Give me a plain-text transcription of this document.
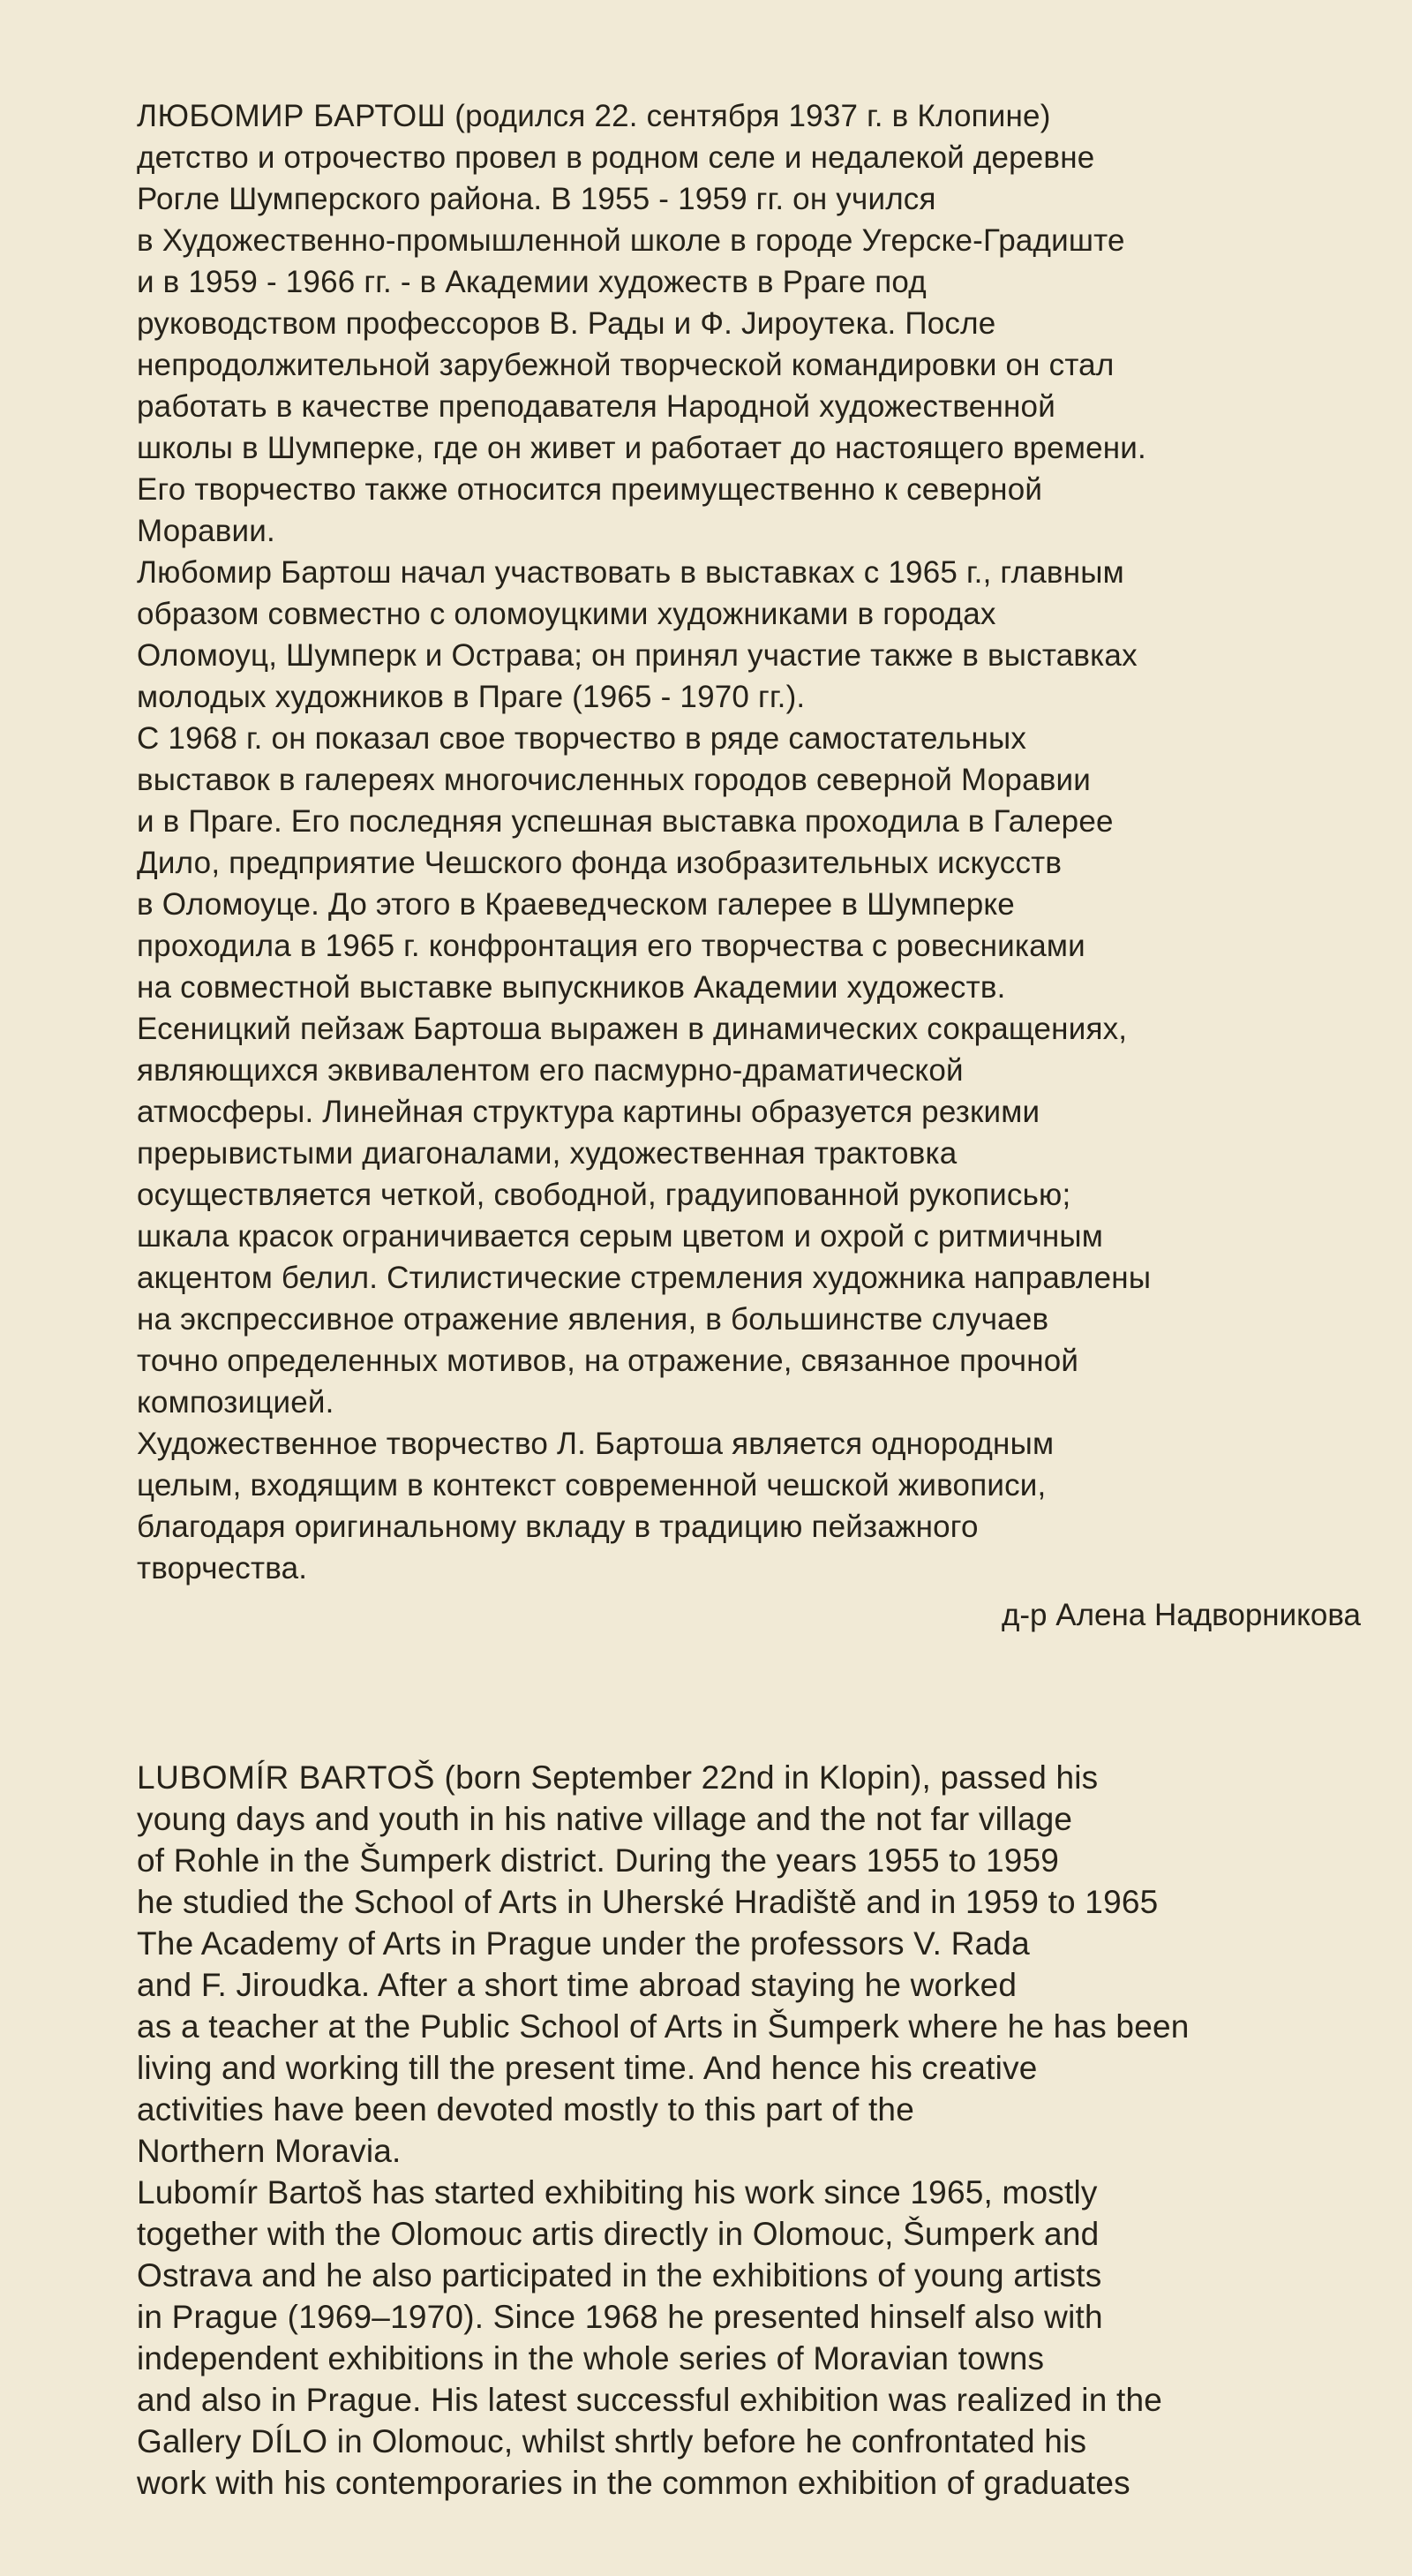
ЛЮБОМИР БАРТОШ (родился 22. сентября 1937 г. в Клопине)
детство и отрочество провел в родном селе и недалекой деревне
Рогле Шумперского района. В 1955 - 1959 гг. он учился
в Художественно-промышленной школе в городе Угерске-Градиште
и в 1959 - 1966 гг. - в Академии художеств в Рраге под
руководством профессоров В. Рады и Ф. Јироутека. После
непродолжительной зарубежной творческой командировки он стал
работать в качестве преподавателя Народной художественной
школы в Шумперке, где он живет и работает до настоящего времени.
Его творчество также относится преимущественно к северной
Моравии.
Любомир Бартош начал участвовать в выставках с 1965 г., главным
образом совместно с оломоуцкими художниками в городах
Оломоуц, Шумперк и Острава; он принял участие также в выставках
молодых художников в Праге (1965 - 1970 гг.).
С 1968 г. он показал свое творчество в ряде самостательных
выставок в галереях многочисленных городов северной Моравии
и в Праге. Его последняя успешная выставка проходила в Галерее
Дило, предприятие Чешского фонда изобразительных искусств
в Оломоуце. До этого в Краеведческом галерее в Шумперке
проходила в 1965 г. конфронтация его творчества с ровесниками
на совместной выставке выпускников Академии художеств.
Есеницкий пейзаж Бартоша выражен в динамических сокращениях,
являющихся эквивалентом его пасмурно-драматической
атмосферы. Линейная структура картины образуется резкими
прерывистыми диагоналами, художественная трактовка
осуществляется четкой, свободной, градуипованной рукописью;
шкала красок ограничивается серым цветом и охрой с ритмичным
акцентом белил. Стилистические стремления художника направлены
на экспрессивное отражение явления, в большинстве случаев
точно определенных мотивов, на отражение, связанное прочной
композицией.
Художественное творчество Л. Бартоша является однородным
целым, входящим в контекст современной чешской живописи,
благодаря оригинальному вкладу в традицию пейзажного
творчества.
д-р Алена Надворникова
LUBOMÍR BARTOŠ (born September 22nd in Klopin), passed his
young days and youth in his native village and the not far village
of Rohle in the Šumperk district. During the years 1955 to 1959
he studied the School of Arts in Uherské Hradiště and in 1959 to 1965
The Academy of Arts in Prague under the professors V. Rada
and F. Jiroudka. After a short time abroad staying he worked
as a teacher at the Public School of Arts in Šumperk where he has been
living and working till the present time. And hence his creative
activities have been devoted mostly to this part of the
Northern Moravia.
Lubomír Bartoš has started exhibiting his work since 1965, mostly
together with the Olomouc artis directly in Olomouc, Šumperk and
Ostrava and he also participated in the exhibitions of young artists
in Prague (1969–1970). Since 1968 he presented hinself also with
independent exhibitions in the whole series of Moravian towns
and also in Prague. His latest successful exhibition was realized in the
Gallery DÍLO in Olomouc, whilst shrtly before he confrontated his
work with his contemporaries in the common exhibition of graduates
